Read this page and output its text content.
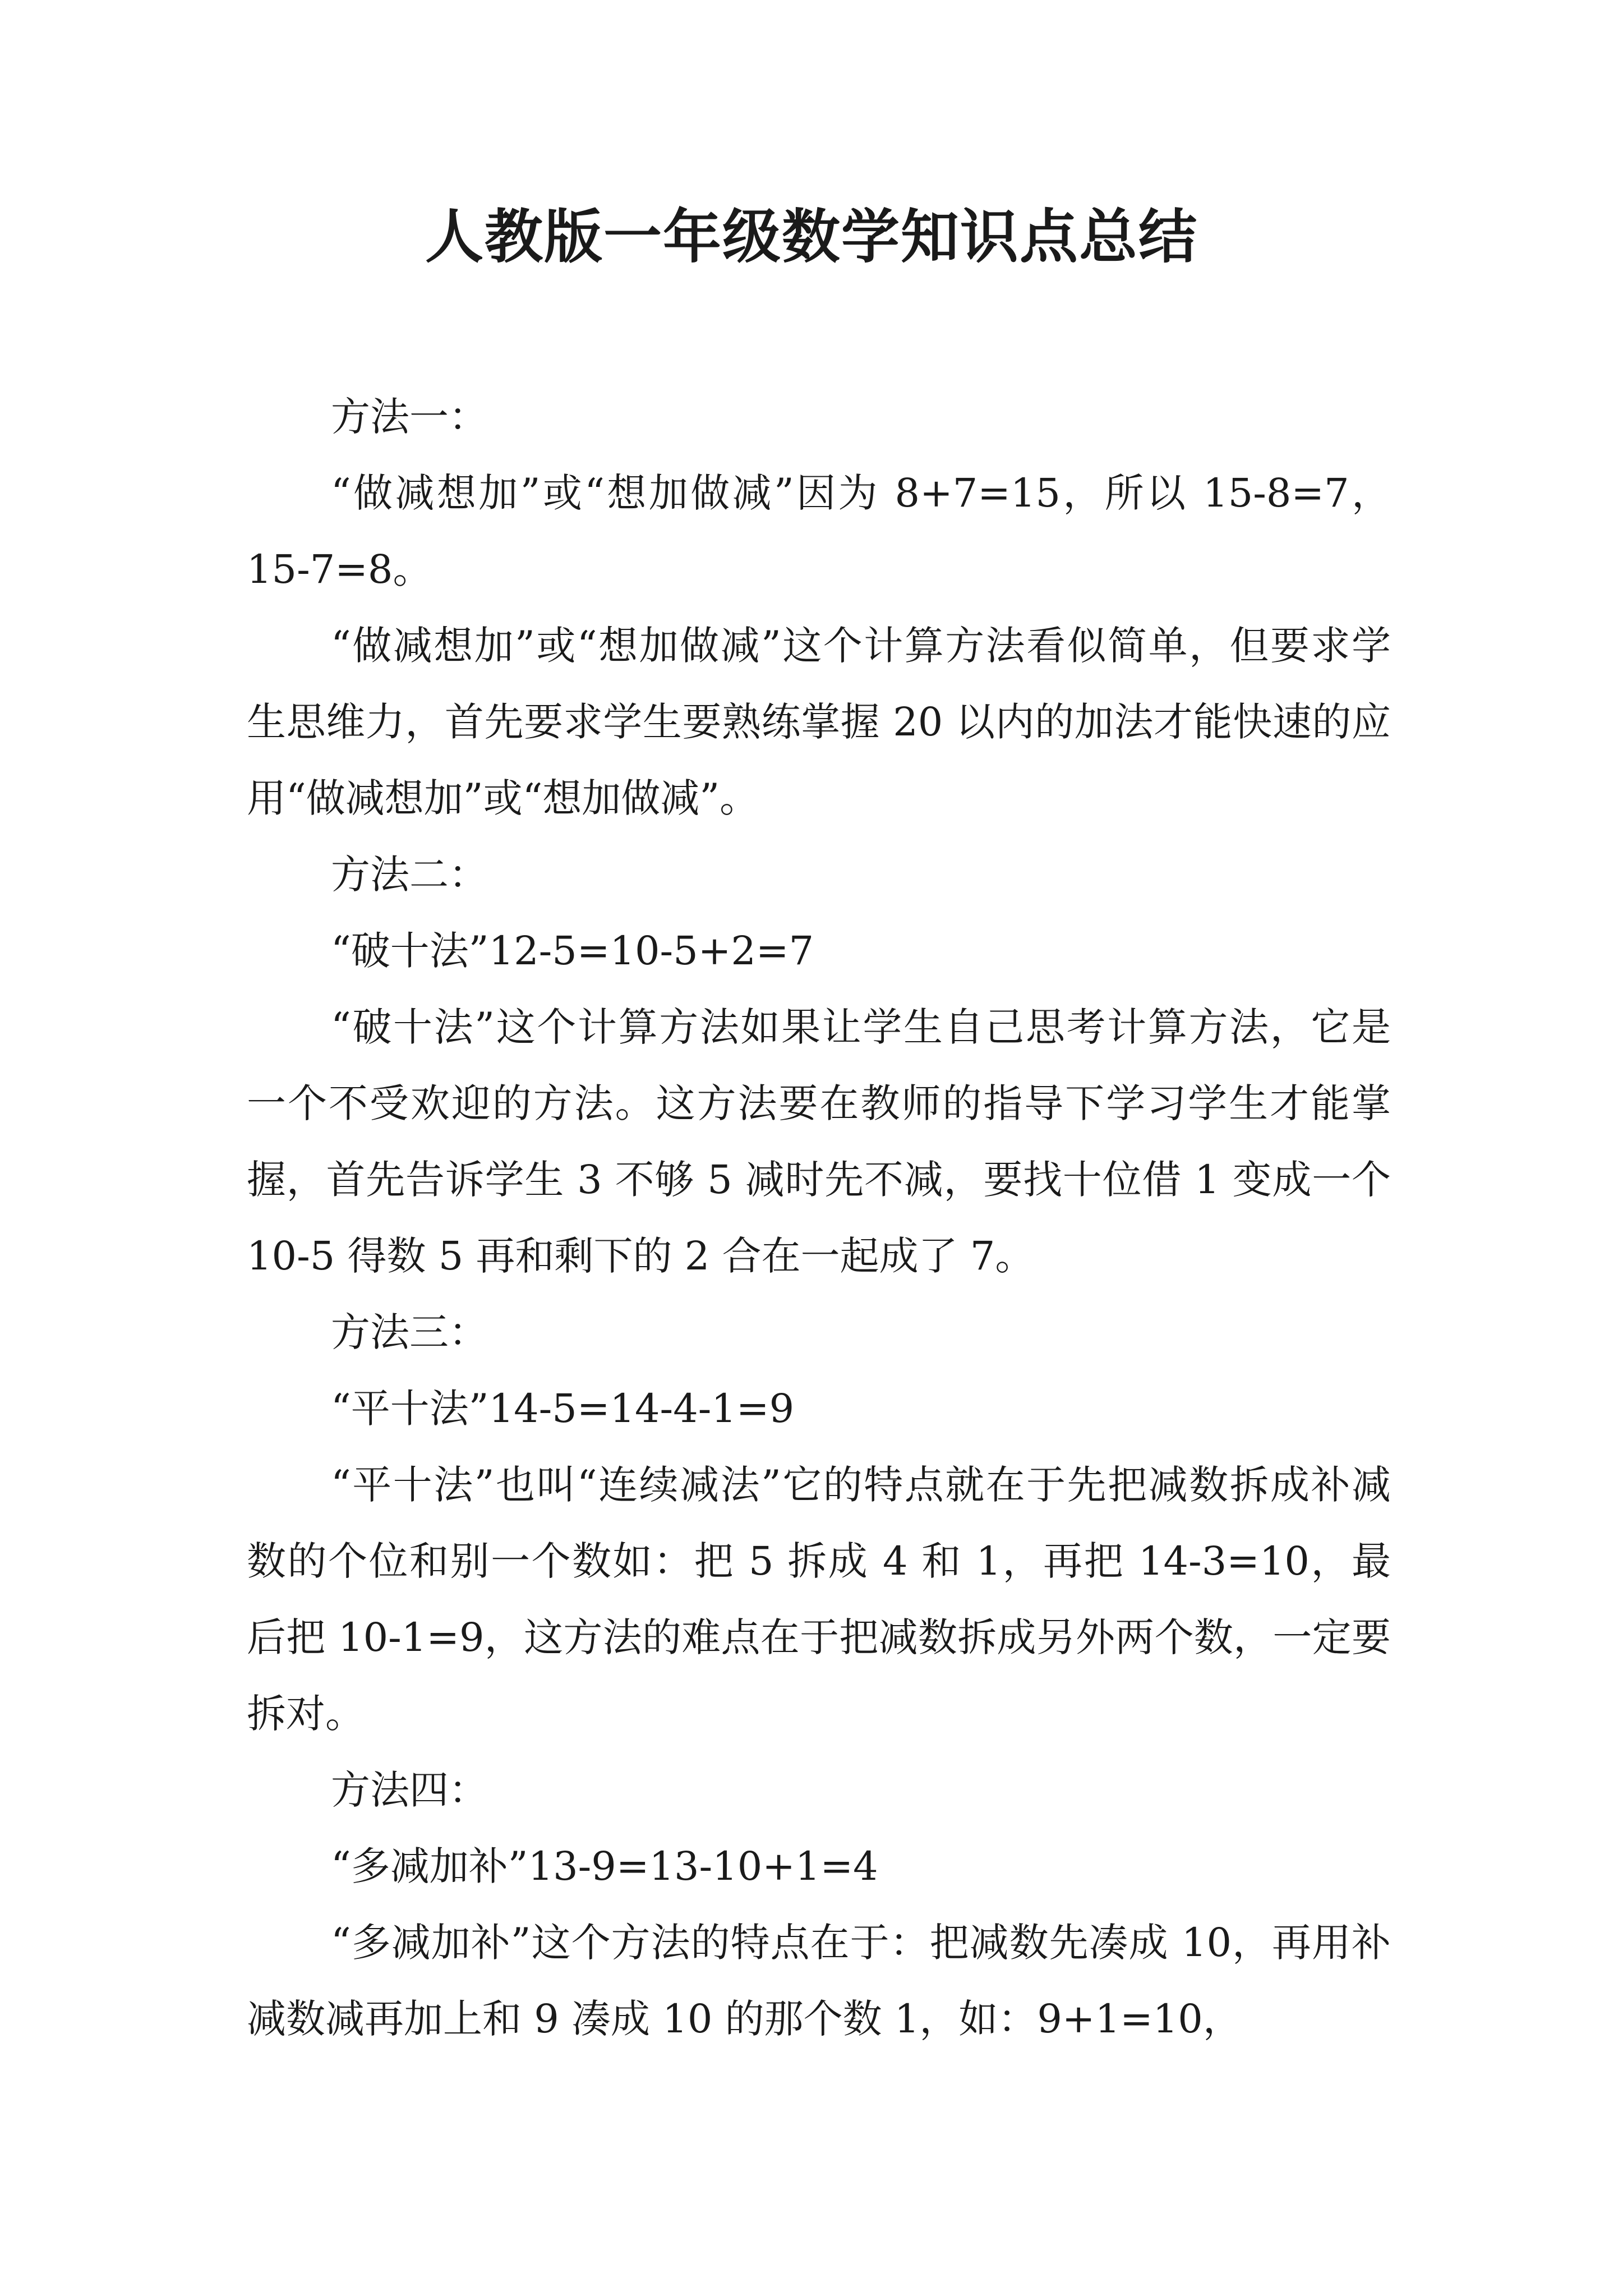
人教版一年级数学知识点总结

方法一：

“做减想加”或“想加做减”因为 8+7=15，所以 15-8=7，15-7=8。

“做减想加”或“想加做减”这个计算方法看似简单，但要求学生思维力，首先要求学生要熟练掌握 20 以内的加法才能快速的应用“做减想加”或“想加做减”。

方法二：

“破十法”12-5=10-5+2=7

“破十法”这个计算方法如果让学生自己思考计算方法，它是一个不受欢迎的方法。这方法要在教师的指导下学习学生才能掌握，首先告诉学生 3 不够 5 减时先不减，要找十位借 1 变成一个 10-5 得数 5 再和剩下的 2 合在一起成了 7。

方法三：

“平十法”14-5=14-4-1=9

“平十法”也叫“连续减法”它的特点就在于先把减数拆成补减数的个位和别一个数如：把 5 拆成 4 和 1，再把 14-3=10，最后把 10-1=9，这方法的难点在于把减数拆成另外两个数，一定要拆对。

方法四：

“多减加补”13-9=13-10+1=4

“多减加补”这个方法的特点在于：把减数先凑成 10，再用补减数减再加上和 9 凑成 10 的那个数 1，如：9+1=10，
